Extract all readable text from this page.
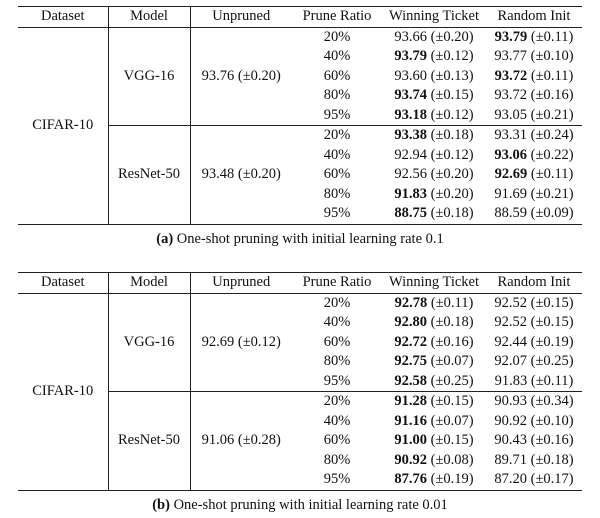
Dataset	Model	Unpruned	Prune Ratio	Winning Ticket	Random Init
CIFAR-10	VGG-16	93.76 (±0.20)	20%	93.66 (±0.20)	93.79 (±0.11)
			40%	93.79 (±0.12)	93.77 (±0.10)
			60%	93.60 (±0.13)	93.72 (±0.11)
			80%	93.74 (±0.15)	93.72 (±0.16)
			95%	93.18 (±0.12)	93.05 (±0.21)
	ResNet-50	93.48 (±0.20)	20%	93.38 (±0.18)	93.31 (±0.24)
			40%	92.94 (±0.12)	93.06 (±0.22)
			60%	92.56 (±0.20)	92.69 (±0.11)
			80%	91.83 (±0.20)	91.69 (±0.21)
			95%	88.75 (±0.18)	88.59 (±0.09)
(a) One-shot pruning with initial learning rate 0.1
Dataset	Model	Unpruned	Prune Ratio	Winning Ticket	Random Init
CIFAR-10	VGG-16	92.69 (±0.12)	20%	92.78 (±0.11)	92.52 (±0.15)
			40%	92.80 (±0.18)	92.52 (±0.15)
			60%	92.72 (±0.16)	92.44 (±0.19)
			80%	92.75 (±0.07)	92.07 (±0.25)
			95%	92.58 (±0.25)	91.83 (±0.11)
	ResNet-50	91.06 (±0.28)	20%	91.28 (±0.15)	90.93 (±0.34)
			40%	91.16 (±0.07)	90.92 (±0.10)
			60%	91.00 (±0.15)	90.43 (±0.16)
			80%	90.92 (±0.08)	89.71 (±0.18)
			95%	87.76 (±0.19)	87.20 (±0.17)
(b) One-shot pruning with initial learning rate 0.01
